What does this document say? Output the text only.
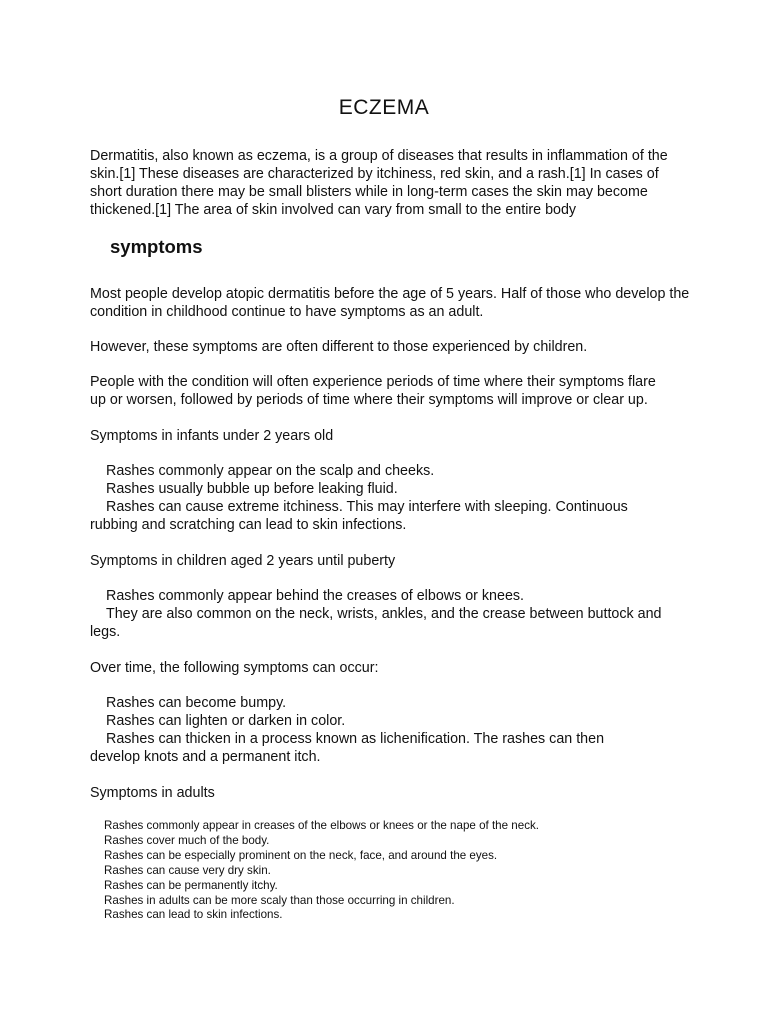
ECZEMA

Dermatitis, also known as eczema, is a group of diseases that results in inflammation of the skin.[1] These diseases are characterized by itchiness, red skin, and a rash.[1] In cases of short duration there may be small blisters while in long-term cases the skin may become thickened.[1] The area of skin involved can vary from small to the entire body

symptoms

Most people develop atopic dermatitis before the age of 5 years. Half of those who develop the condition in childhood continue to have symptoms as an adult.

However, these symptoms are often different to those experienced by children.

People with the condition will often experience periods of time where their symptoms flare up or worsen, followed by periods of time where their symptoms will improve or clear up.

Symptoms in infants under 2 years old

Rashes commonly appear on the scalp and cheeks.
Rashes usually bubble up before leaking fluid.
Rashes can cause extreme itchiness. This may interfere with sleeping. Continuous rubbing and scratching can lead to skin infections.

Symptoms in children aged 2 years until puberty

Rashes commonly appear behind the creases of elbows or knees.
They are also common on the neck, wrists, ankles, and the crease between buttock and legs.

Over time, the following symptoms can occur:

Rashes can become bumpy.
Rashes can lighten or darken in color.
Rashes can thicken in a process known as lichenification. The rashes can then develop knots and a permanent itch.

Symptoms in adults

Rashes commonly appear in creases of the elbows or knees or the nape of the neck.
Rashes cover much of the body.
Rashes can be especially prominent on the neck, face, and around the eyes.
Rashes can cause very dry skin.
Rashes can be permanently itchy.
Rashes in adults can be more scaly than those occurring in children.
Rashes can lead to skin infections.
